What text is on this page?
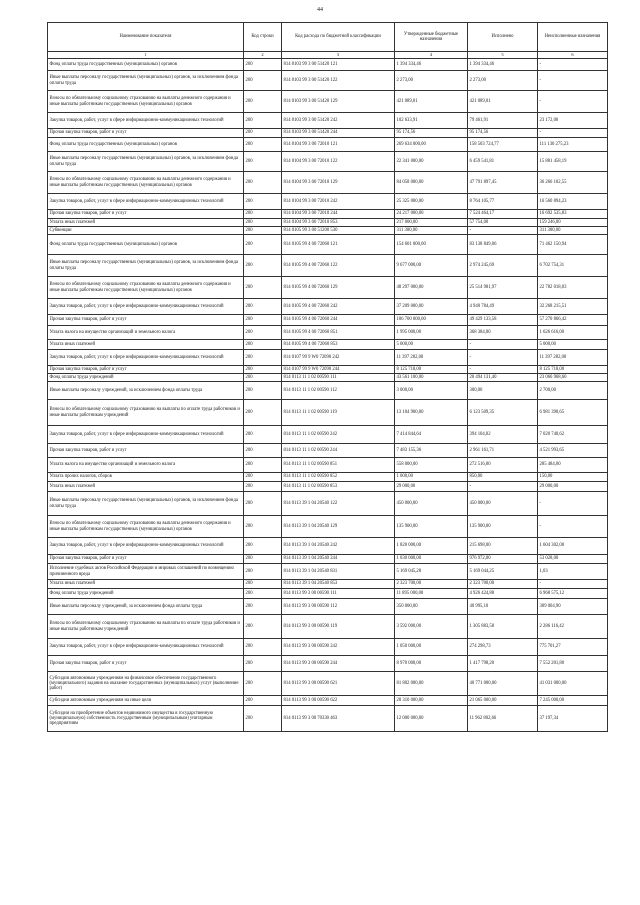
44
Наименование показателя	Код строки	Код расхода по бюджетной классификации	Утвержденные бюджетные назначения	Исполнено	Неисполненные назначения
1	2	3	4	5	6
Фонд оплаты труда государственных (муниципальных) органов	200	814 0103 99 3 00 51420 121	1 394 334,46	1 394 334,46	-
Иные выплаты персоналу государственных (муниципальных) органов, за исключением фонда оплаты труда	200	814 0103 99 3 00 51420 122	2 273,00	2 273,00	-
Взносы по обязательному социальному страхованию на выплаты денежного содержания и иные выплаты работникам государственных (муниципальных) органов	200	814 0103 99 3 00 51420 129	421 089,01	421 089,01	-
Закупка товаров, работ, услуг в сфере информационно-коммуникационных технологий	200	814 0103 99 3 00 51420 242	102 633,91	79 461,91	23 172,00
Прочая закупка товаров, работ и услуг	200	814 0103 99 3 00 51420 244	95 174,56	95 174,56	-
Фонд оплаты труда государственных (муниципальных) органов	200	814 0104 99 3 00 72010 121	269 634 000,00	158 503 724,77	111 130 275,23
Иные выплаты персоналу государственных (муниципальных) органов, за исключением фонда оплаты труда	200	814 0104 99 3 00 72010 122	22 341 000,00	6 459 541,81	15 881 458,19
Взносы по обязательному социальному страхованию на выплаты денежного содержания и иные выплаты работникам государственных (муниципальных) органов	200	814 0104 99 3 00 72010 129	84 058 000,00	47 791 897,45	36 266 102,55
Закупка товаров, работ, услуг в сфере информационно-коммуникационных технологий	200	814 0104 99 3 00 72010 242	25 325 000,00	8 764 105,77	16 560 894,23
Прочая закупка товаров, работ и услуг	200	814 0104 99 3 00 72010 244	24 217 000,00	7 524 464,17	16 692 535,83
Уплата иных платежей	200	814 0104 99 3 00 72010 853	217 000,00	57 754,00	159 246,00
Субвенции	200	814 0105 99 3 00 51200 530	311 300,00	-	311 300,00
Фонд оплаты труда государственных (муниципальных) органов	200	814 0105 99 4 00 72060 121	154 601 000,00	83 138 849,06	71 462 150,94
Иные выплаты персоналу государственных (муниципальных) органов, за исключением фонда оплаты труда	200	814 0105 99 4 00 72060 122	9 677 000,00	2 974 245,69	6 702 754,31
Взносы по обязательному социальному страхованию на выплаты денежного содержания и иные выплаты работникам государственных (муниципальных) органов	200	814 0105 99 4 00 72060 129	48 297 000,00	25 514 981,97	22 782 018,03
Закупка товаров, работ, услуг в сфере информационно-коммуникационных технологий	200	814 0105 99 4 00 72060 242	37 209 000,00	4 940 784,49	32 268 215,51
Прочая закупка товаров, работ и услуг	200	814 0105 99 4 00 72060 244	106 700 000,00	49 429 133,58	57 270 866,42
Уплата налога на имущество организаций и земельного налога	200	814 0105 99 4 00 72060 851	1 995 000,00	368 384,00	1 626 616,00
Уплата иных платежей	200	814 0105 99 4 00 72060 853	5 000,00	-	5 000,00
Закупка товаров, работ, услуг в сфере информационно-коммуникационных технологий	200	814 0107 99 9 W0 72090 242	11 397 282,00	-	11 397 282,00
Прочая закупка товаров, работ и услуг	200	814 0107 99 9 W0 72090 244	8 125 718,00	-	8 125 718,00
Фонд оплаты труда учреждений	200	814 0113 11 1 02 00590 111	43 561 100,00	20 494 131,40	23 066 968,60
Иные выплаты персоналу учреждений, за исключением фонда оплаты труда	200	814 0113 11 1 02 00590 112	3 000,00	300,00	2 700,00
Взносы по обязательному социальному страхованию на выплаты по оплате труда работников и иные выплаты работникам учреждений	200	814 0113 11 1 02 00590 119	13 104 900,00	6 123 509,35	6 981 390,65
Закупка товаров, работ, услуг в сфере информационно-коммуникационных технологий	200	814 0113 11 1 02 00590 242	7 414 844,64	394 104,02	7 020 740,62
Прочая закупка товаров, работ и услуг	200	814 0113 11 1 02 00590 244	7 483 155,36	2 961 161,71	4 521 993,65
Уплата налога на имущество организаций и земельного налога	200	814 0113 11 1 02 00590 851	558 000,00	272 516,00	285 484,00
Уплата прочих налогов, сборов	200	814 0113 11 1 02 00590 852	1 000,00	850,00	150,00
Уплата иных платежей	200	814 0113 11 1 02 00590 853	29 000,00	-	29 000,00
Иные выплаты персоналу государственных (муниципальных) органов, за исключением фонда оплаты труда	200	814 0113 39 1 04 20540 122	450 000,00	450 000,00	-
Взносы по обязательному социальному страхованию на выплаты денежного содержания и иные выплаты работникам государственных (муниципальных) органов	200	814 0113 39 1 04 20540 129	135 900,00	135 900,00	-
Закупка товаров, работ, услуг в сфере информационно-коммуникационных технологий	200	814 0113 39 1 04 20540 242	1 820 000,00	215 698,00	1 604 302,00
Прочая закупка товаров, работ и услуг	200	814 0113 39 1 04 20540 244	1 030 000,00	976 972,00	53 028,00
Исполнение судебных актов Российской Федерации и мировых соглашений по возмещению причиненного вреда	200	814 0113 39 1 04 20540 831	5 169 045,28	5 169 044,25	1,03
Уплата иных платежей	200	814 0113 39 1 04 20540 853	2 323 700,00	2 323 700,00	-
Фонд оплаты труда учреждений	200	814 0113 99 3 00 00590 111	11 895 000,00	4 926 424,88	6 968 575,12
Иные выплаты персоналу учреждений, за исключением фонда оплаты труда	200	814 0113 99 3 00 00590 112	350 000,00	40 995,10	309 004,90
Взносы по обязательному социальному страхованию на выплаты по оплате труда работников и иные выплаты работникам учреждений	200	814 0113 99 3 00 00590 119	3 592 000,00	1 305 883,58	2 286 116,42
Закупка товаров, работ, услуг в сфере информационно-коммуникационных технологий	200	814 0113 99 3 00 00590 242	1 050 000,00	274 298,73	775 701,27
Прочая закупка товаров, работ и услуг	200	814 0113 99 3 00 00590 244	8 970 000,00	1 417 798,20	7 552 201,80
Субсидии автономным учреждениям на финансовое обеспечение государственного (муниципального) задания на оказание государственных (муниципальных) услуг (выполнение работ)	200	814 0113 99 3 00 00590 621	81 802 000,00	40 771 000,00	41 031 000,00
Субсидии автономным учреждениям на иные цели	200	814 0113 99 3 00 00590 622	28 310 000,00	21 065 000,00	7 245 000,00
Субсидии на приобретение объектов недвижимого имущества в государственную (муниципальную) собственность государственным (муниципальным) унитарным предприятиям	200	814 0113 99 3 00 70330 463	12 000 000,00	11 962 802,66	37 197,34
